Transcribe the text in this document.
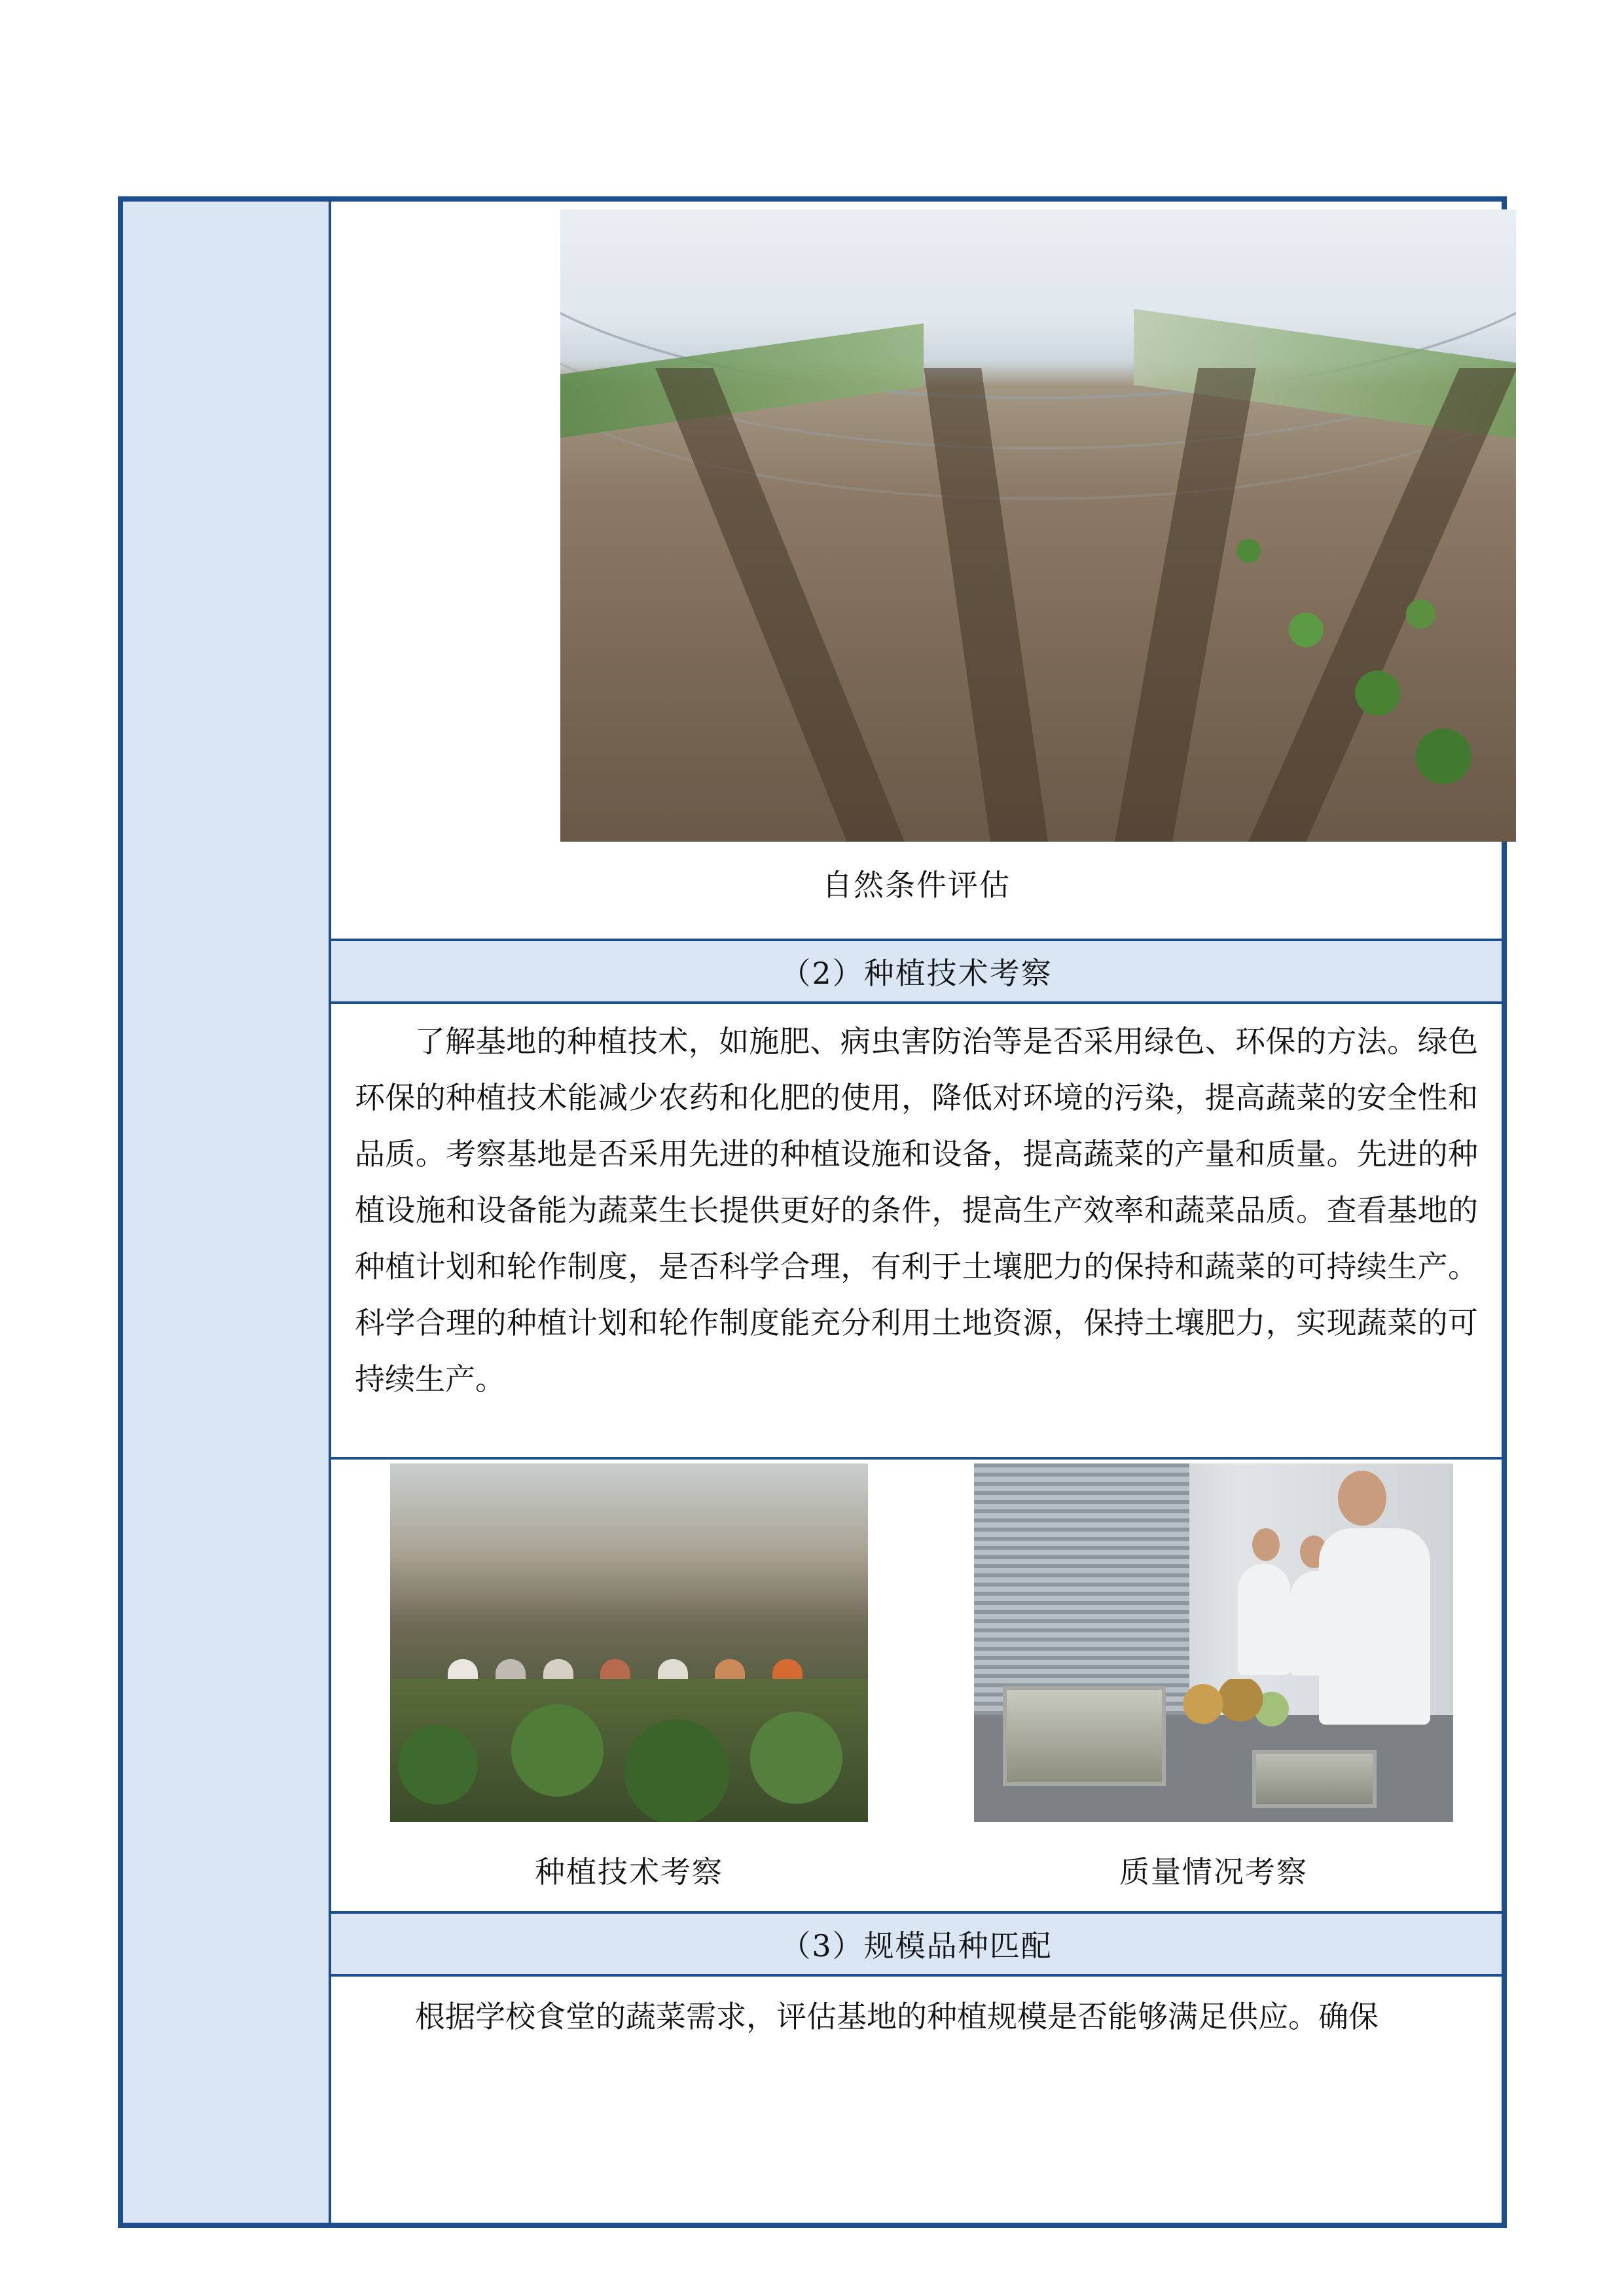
自然条件评估
（2）种植技术考察
了解基地的种植技术，如施肥、病虫害防治等是否采用绿色、环保的方法。绿色环保的种植技术能减少农药和化肥的使用，降低对环境的污染，提高蔬菜的安全性和品质。考察基地是否采用先进的种植设施和设备，提高蔬菜的产量和质量。先进的种植设施和设备能为蔬菜生长提供更好的条件，提高生产效率和蔬菜品质。查看基地的种植计划和轮作制度，是否科学合理，有利于土壤肥力的保持和蔬菜的可持续生产。科学合理的种植计划和轮作制度能充分利用土地资源，保持土壤肥力，实现蔬菜的可持续生产。
种植技术考察	质量情况考察
（3）规模品种匹配
根据学校食堂的蔬菜需求，评估基地的种植规模是否能够满足供应。确保
